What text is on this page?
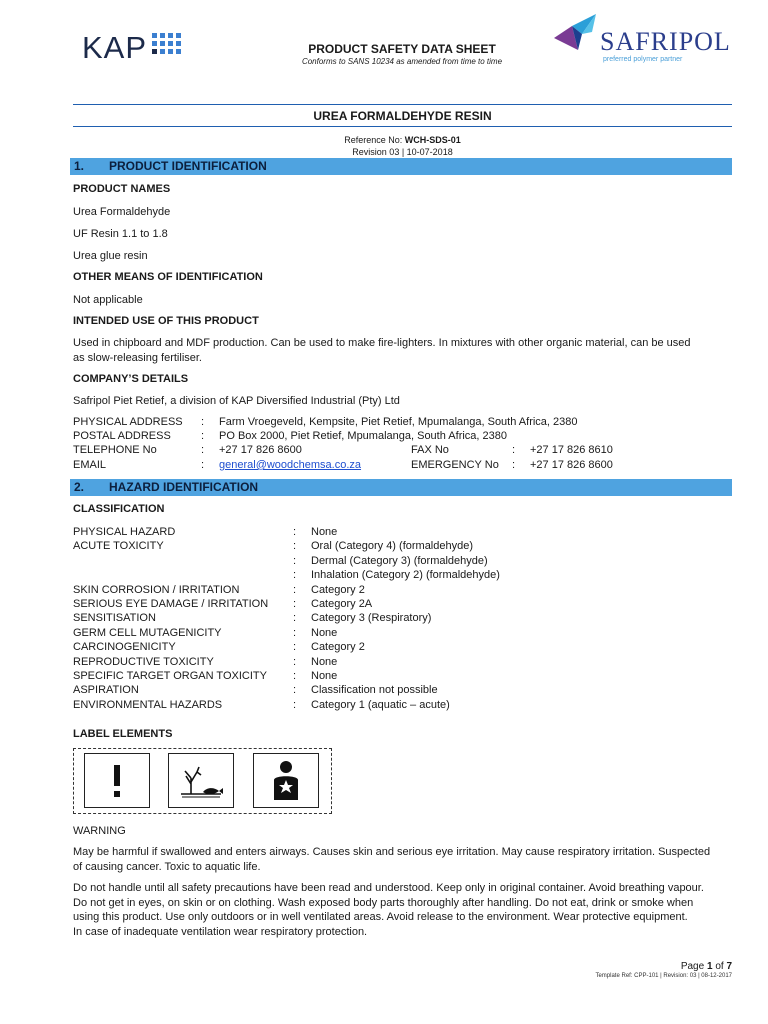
KAP	PRODUCT SAFETY DATA SHEET
Conforms to SANS 10234 as amended from time to time
SAFRIPOL
preferred polymer partner
UREA FORMALDEHYDE RESIN
Reference No: WCH-SDS-01
Revision 03 | 10-07-2018
1. PRODUCT IDENTIFICATION
PRODUCT NAMES
Urea Formaldehyde
UF Resin 1.1 to 1.8
Urea glue resin
OTHER MEANS OF IDENTIFICATION
Not applicable
INTENDED USE OF THIS PRODUCT
Used in chipboard and MDF production. Can be used to make fire-lighters. In mixtures with other organic material, can be used
as slow-releasing fertiliser.
COMPANY’S DETAILS
Safripol Piet Retief, a division of KAP Diversified Industrial (Pty) Ltd
PHYSICAL ADDRESS : Farm Vroegeveld, Kempsite, Piet Retief, Mpumalanga, South Africa, 2380
POSTAL ADDRESS	: PO Box 2000, Piet Retief, Mpumalanga, South Africa, 2380
TELEPHONE No	: +27 17 826 8600	FAX No	: +27 17 826 8610
EMAIL	: general@woodchemsa.co.za	EMERGENCY No : +27 17 826 8600
2. HAZARD IDENTIFICATION
CLASSIFICATION
PHYSICAL HAZARD	: None
ACUTE TOXICITY	: Oral (Category 4) (formaldehyde)
: Dermal (Category 3) (formaldehyde)
: Inhalation (Category 2) (formaldehyde)
SKIN CORROSION / IRRITATION	: Category 2
SERIOUS EYE DAMAGE / IRRITATION : Category 2A
SENSITISATION	: Category 3 (Respiratory)
GERM CELL MUTAGENICITY	: None
CARCINOGENICITY	: Category 2
REPRODUCTIVE TOXICITY	: None
SPECIFIC TARGET ORGAN TOXICITY : None
ASPIRATION	: Classification not possible
ENVIRONMENTAL HAZARDS	: Category 1 (aquatic – acute)
LABEL ELEMENTS
WARNING
May be harmful if swallowed and enters airways. Causes skin and serious eye irritation. May cause respiratory irritation. Suspected
of causing cancer. Toxic to aquatic life.
Do not handle until all safety precautions have been read and understood. Keep only in original container. Avoid breathing vapour.
Do not get in eyes, on skin or on clothing. Wash exposed body parts thoroughly after handling. Do not eat, drink or smoke when
using this product. Use only outdoors or in well ventilated areas. Avoid release to the environment. Wear protective equipment.
In case of inadequate ventilation wear respiratory protection.
Page 1 of 7
Template Ref: CPP-101 | Revision: 03 | 08-12-2017
